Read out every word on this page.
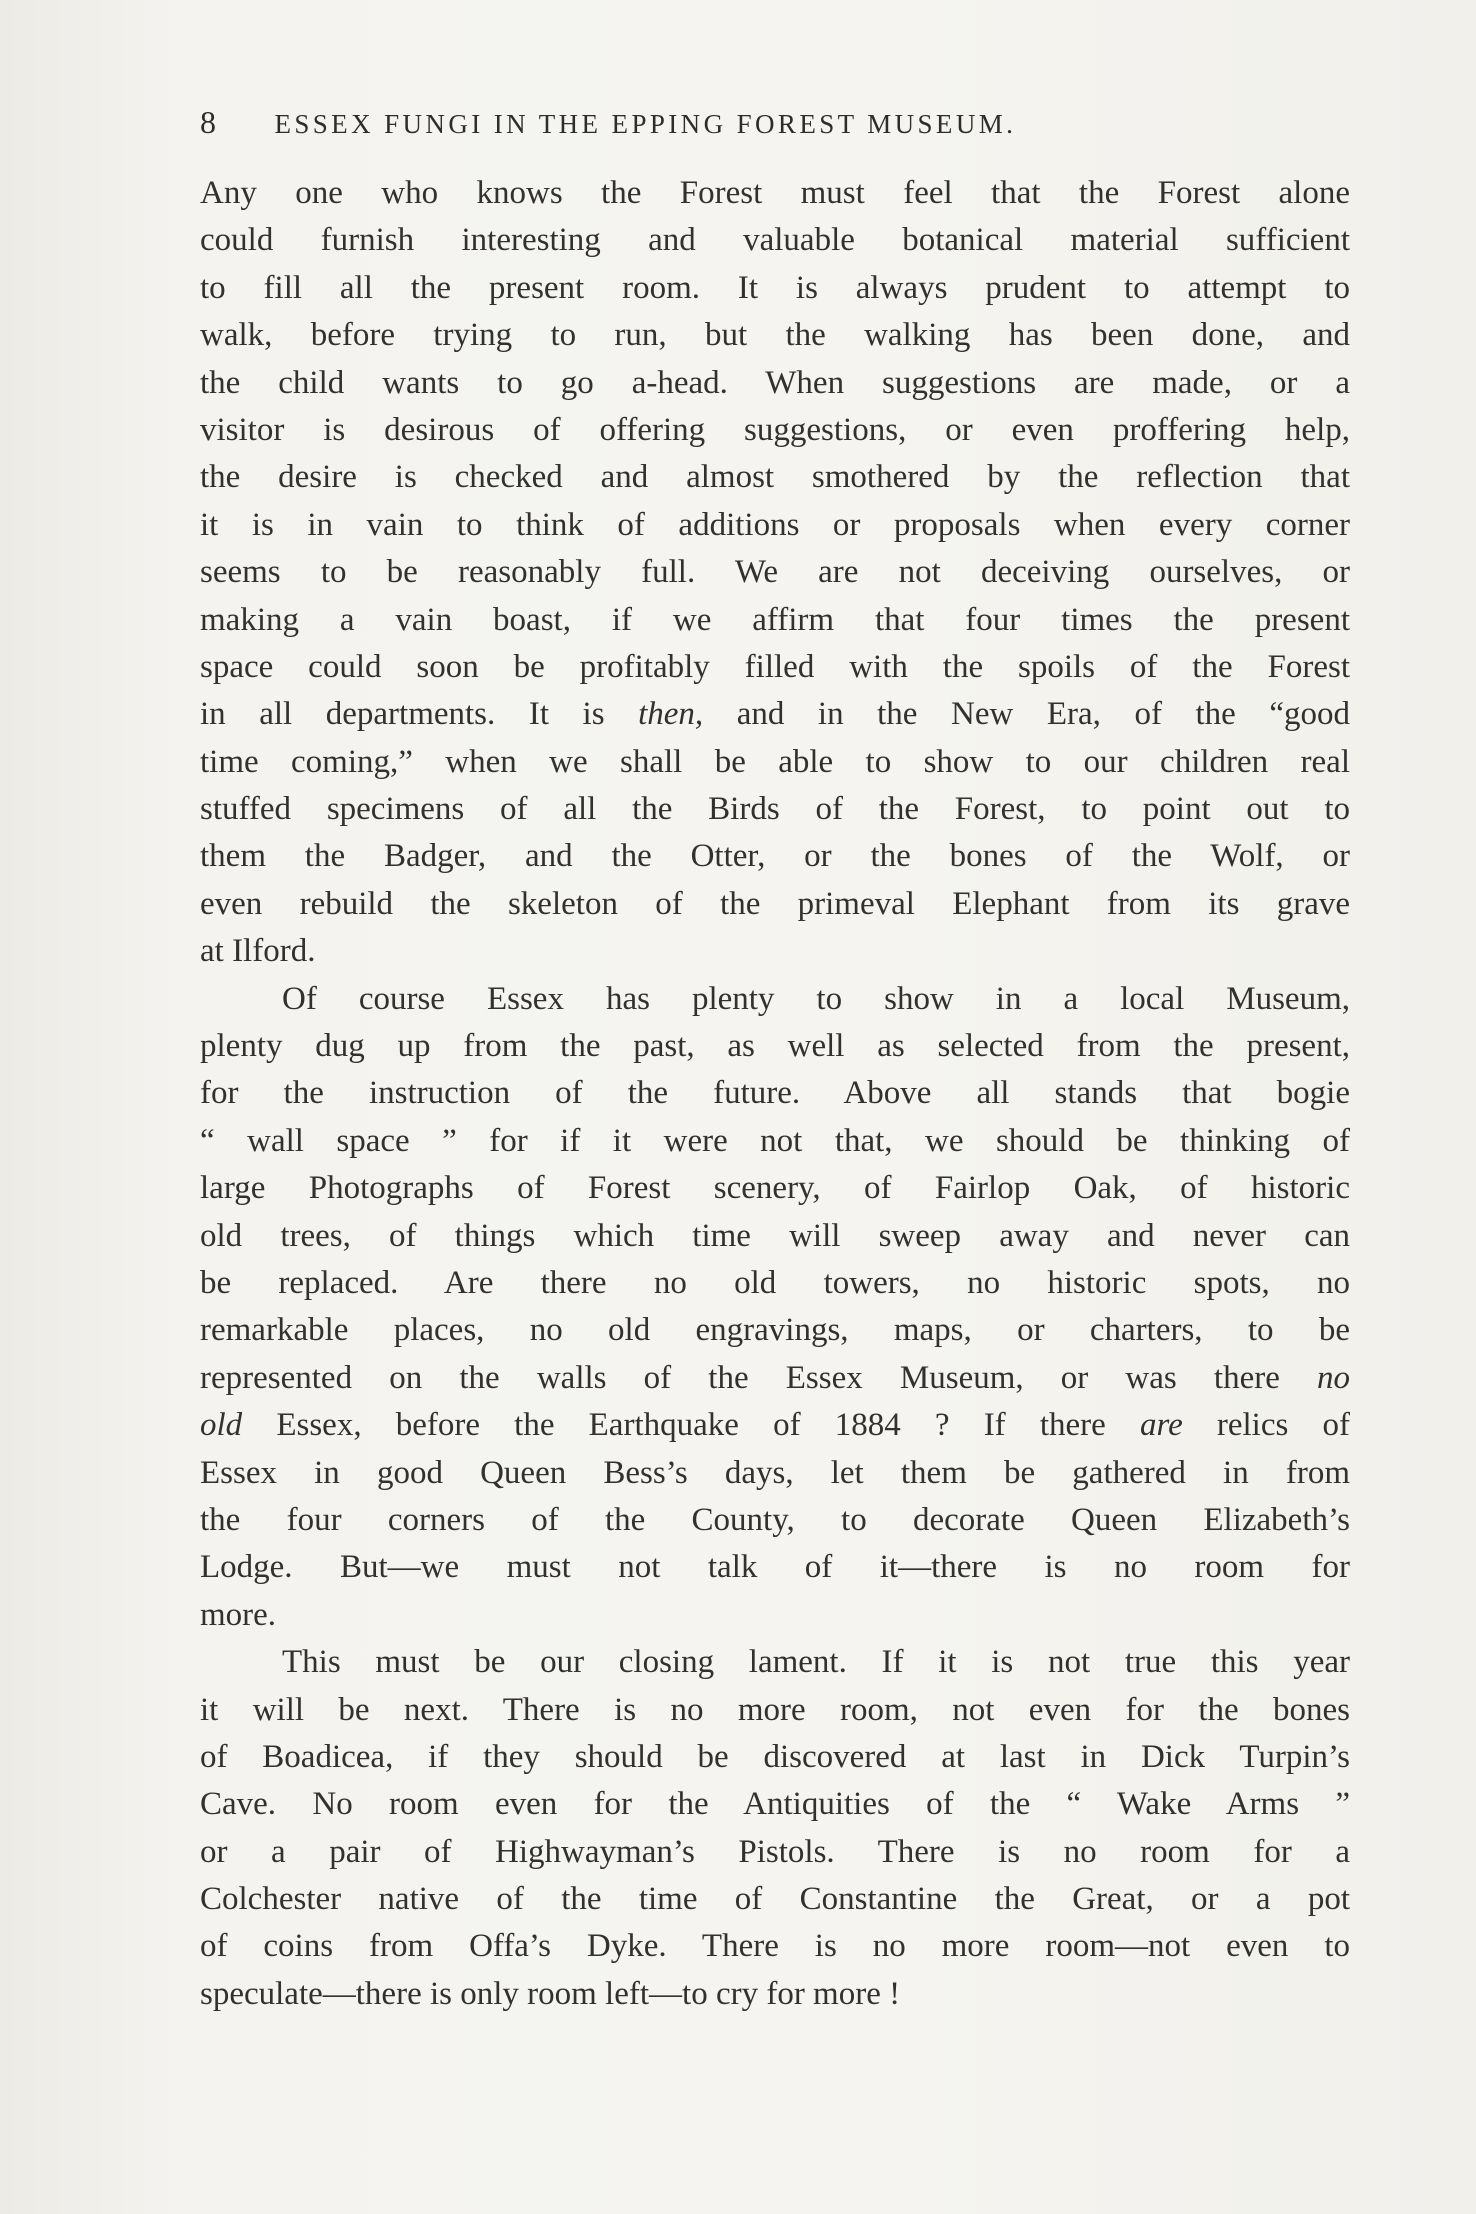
8 ESSEX FUNGI IN THE EPPING FOREST MUSEUM.
Any one who knows the Forest must feel that the Forest alone
could furnish interesting and valuable botanical material sufficient
to fill all the present room. It is always prudent to attempt to
walk, before trying to run, but the walking has been done, and
the child wants to go a-head. When suggestions are made, or a
visitor is desirous of offering suggestions, or even proffering help,
the desire is checked and almost smothered by the reflection that
it is in vain to think of additions or proposals when every corner
seems to be reasonably full. We are not deceiving ourselves, or
making a vain boast, if we affirm that four times the present
space could soon be profitably filled with the spoils of the Forest
in all departments. It is then, and in the New Era, of the “good
time coming,” when we shall be able to show to our children real
stuffed specimens of all the Birds of the Forest, to point out to
them the Badger, and the Otter, or the bones of the Wolf, or
even rebuild the skeleton of the primeval Elephant from its grave
at Ilford.
Of course Essex has plenty to show in a local Museum,
plenty dug up from the past, as well as selected from the present,
for the instruction of the future. Above all stands that bogie
“ wall space ” for if it were not that, we should be thinking of
large Photographs of Forest scenery, of Fairlop Oak, of historic
old trees, of things which time will sweep away and never can
be replaced. Are there no old towers, no historic spots, no
remarkable places, no old engravings, maps, or charters, to be
represented on the walls of the Essex Museum, or was there no
old Essex, before the Earthquake of 1884 ? If there are relics of
Essex in good Queen Bess’s days, let them be gathered in from
the four corners of the County, to decorate Queen Elizabeth’s
Lodge. But—we must not talk of it—there is no room for
more.
This must be our closing lament. If it is not true this year
it will be next. There is no more room, not even for the bones
of Boadicea, if they should be discovered at last in Dick Turpin’s
Cave. No room even for the Antiquities of the “ Wake Arms ”
or a pair of Highwayman’s Pistols. There is no room for a
Colchester native of the time of Constantine the Great, or a pot
of coins from Offa’s Dyke. There is no more room—not even to
speculate—there is only room left—to cry for more !
